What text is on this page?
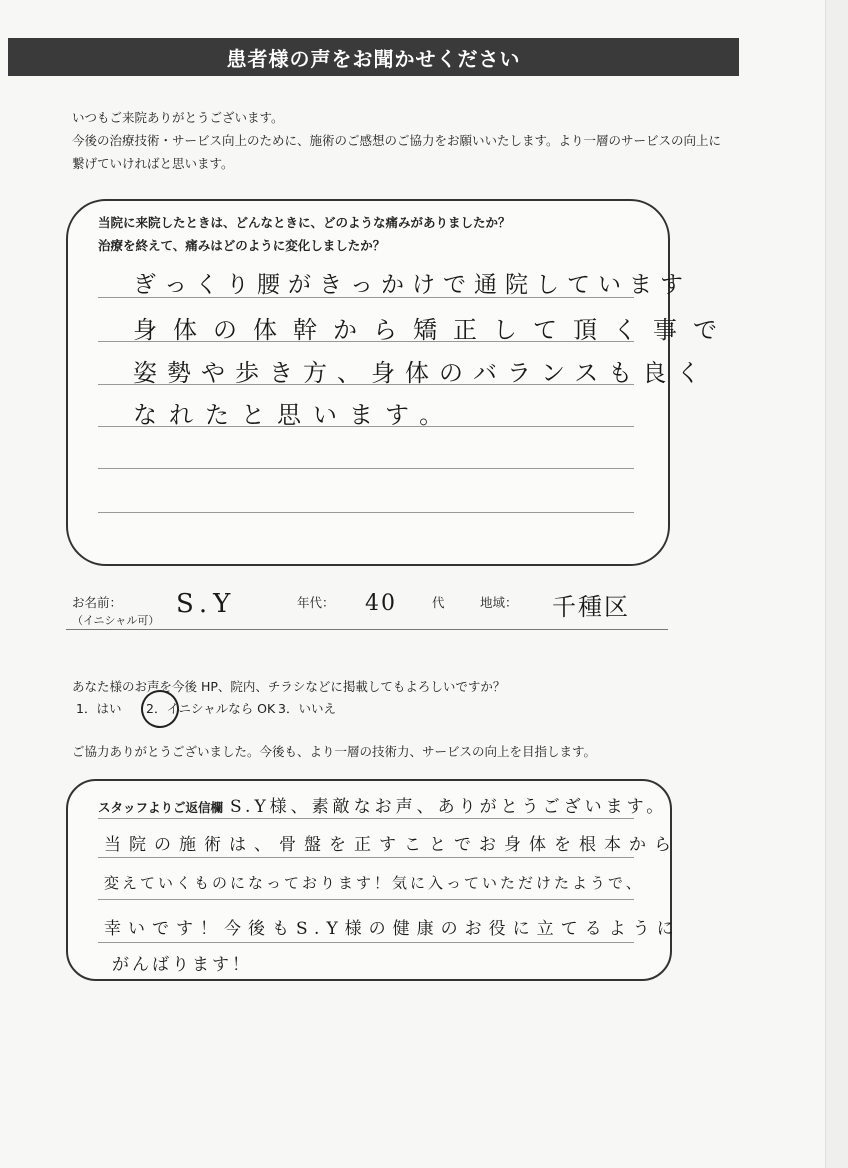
患者様の声をお聞かせください
いつもご来院ありがとうございます。
今後の治療技術・サービス向上のために、施術のご感想のご協力をお願いいたします。より一層のサービスの向上に
繋げていければと思います。
当院に来院したときは、どんなときに、どのような痛みがありましたか？
治療を終えて、痛みはどのように変化しましたか？
ぎっくり腰がきっかけで通院しています
身体の体幹から矯正して頂く事で
姿勢や歩き方、身体のバランスも良く
なれたと思います。
お名前：
（イニシャル可）
S.Y	年代： 40	代	地域： 千種区
あなた様のお声を今後 HP、院内、チラシなどに掲載してもよろしいですか？
1．はい 2．イニシャルなら OK 3．いいえ
ご協力ありがとうございました。今後も、より一層の技術力、サービスの向上を目指します。
スタッフよりご返信欄 S.Y様、素敵なお声、ありがとうございます。
当院の施術は、骨盤を正すことでお身体を根本から
変えていくものになっております！気に入っていただけたようで、
幸いです！今後もS.Y様の健康のお役に立てるように
がんばります！
